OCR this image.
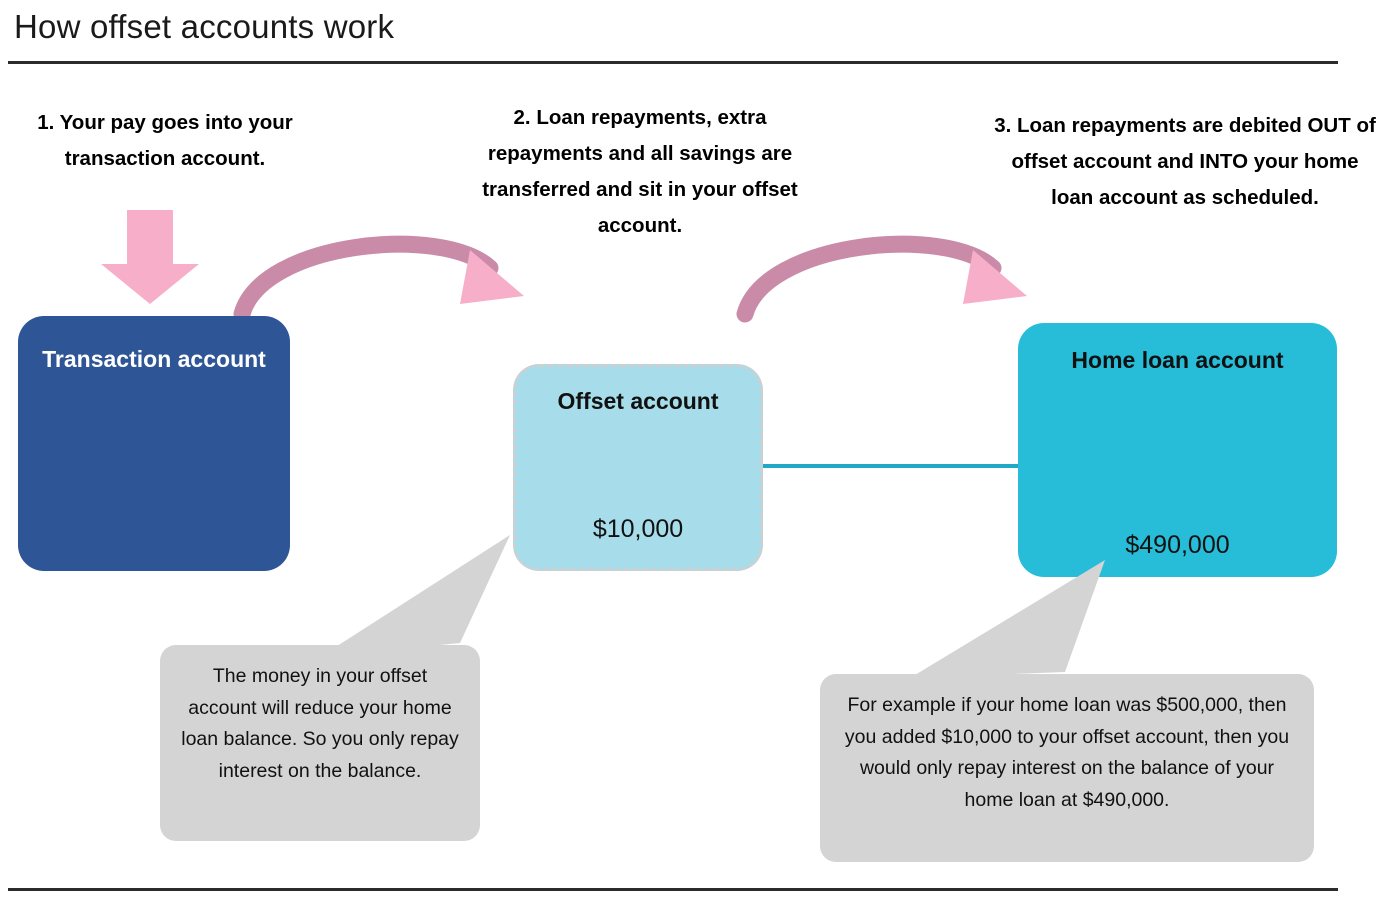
How offset accounts work
1. Your pay goes into your transaction account.
2. Loan repayments, extra repayments and all savings are transferred and sit in your offset account.
3. Loan repayments are debited OUT of offset account and INTO your home loan account as scheduled.
Transaction account
Offset account
$10,000
Home loan account
$490,000
The money in your offset account will reduce your home loan balance. So you only repay interest on the balance.
For example if your home loan was $500,000, then you added $10,000 to your offset account, then you would only repay interest on the balance of your home loan at $490,000.
